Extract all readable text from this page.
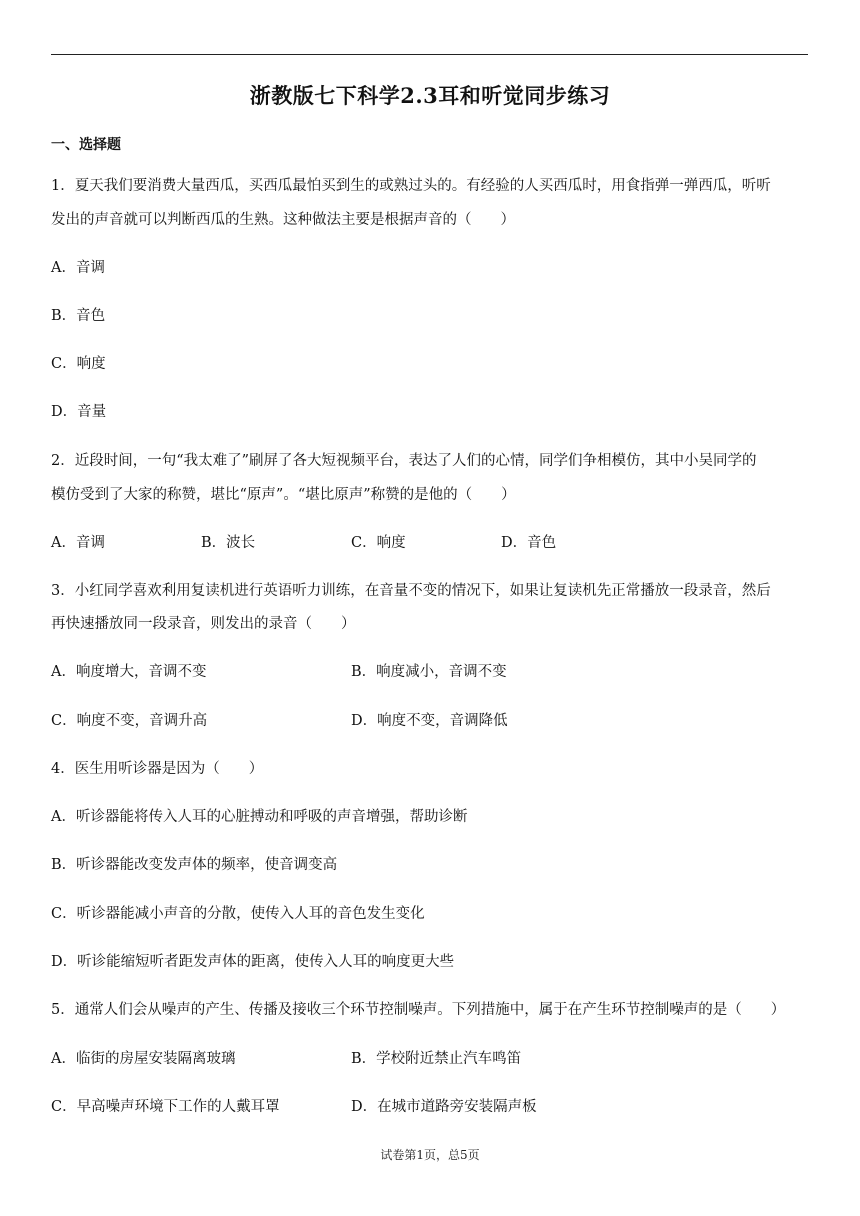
浙教版七下科学2.3耳和听觉同步练习
一、选择题
1．夏天我们要消费大量西瓜，买西瓜最怕买到生的或熟过头的。有经验的人买西瓜时，用食指弹一弹西瓜，听听
发出的声音就可以判断西瓜的生熟。这种做法主要是根据声音的（　　）
A．音调
B．音色
C．响度
D．音量
2．近段时间，一句“我太难了”刷屏了各大短视频平台，表达了人们的心情，同学们争相模仿，其中小吴同学的
模仿受到了大家的称赞，堪比“原声”。“堪比原声”称赞的是他的（　　）
A．音调	B．波长	C．响度	D．音色
3．小红同学喜欢利用复读机进行英语听力训练，在音量不变的情况下，如果让复读机先正常播放一段录音，然后
再快速播放同一段录音，则发出的录音（　　）
A．响度增大，音调不变	B．响度减小，音调不变
C．响度不变，音调升高	D．响度不变，音调降低
4．医生用听诊器是因为（　　）
A．听诊器能将传入人耳的心脏搏动和呼吸的声音增强，帮助诊断
B．听诊器能改变发声体的频率，使音调变高
C．听诊器能减小声音的分散，使传入人耳的音色发生变化
D．听诊能缩短听者距发声体的距离，使传入人耳的响度更大些
5．通常人们会从噪声的产生、传播及接收三个环节控制噪声。下列措施中，属于在产生环节控制噪声的是（　　）
A．临街的房屋安装隔离玻璃	B．学校附近禁止汽车鸣笛
C．早高噪声环境下工作的人戴耳罩	D．在城市道路旁安装隔声板
试卷第1页，总5页
